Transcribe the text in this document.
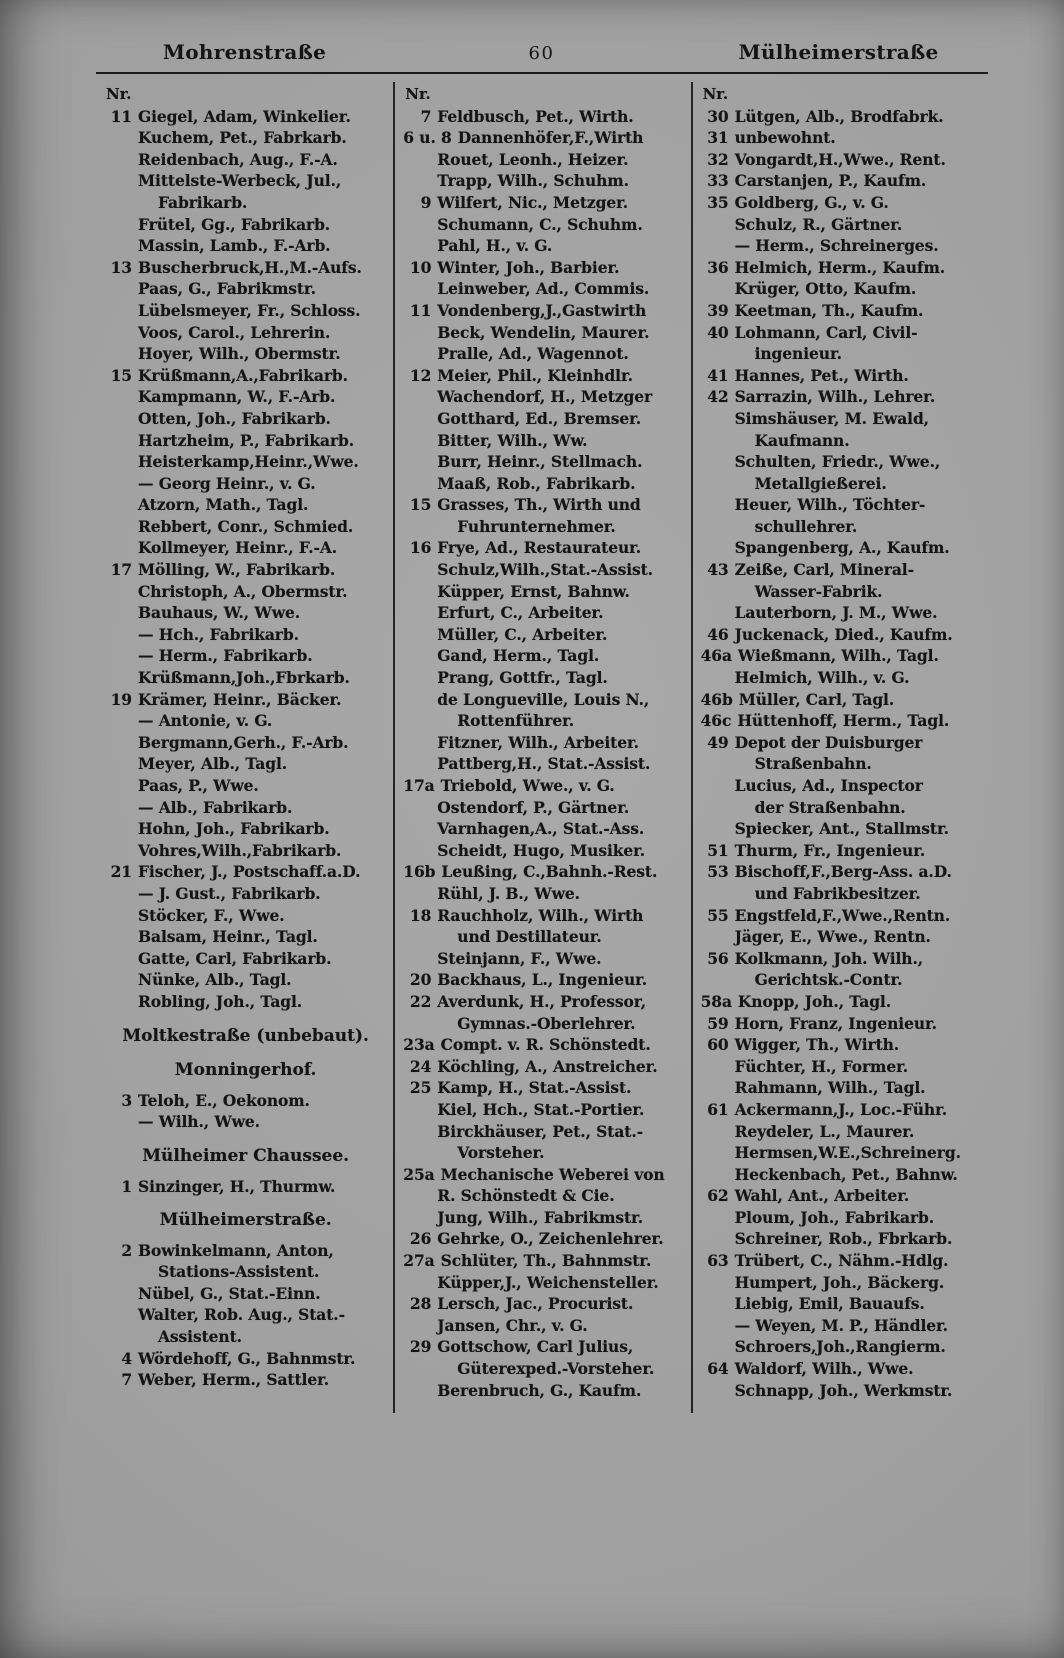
Mohrenstraße	60	Mülheimerstraße
Nr.
11 Giegel, Adam, Winkelier.
Kuchem, Pet., Fabrkarb.
Reidenbach, Aug., F.-A.
Mittelste-Werbeck, Jul.,
Fabrikarb.
Frütel, Gg., Fabrikarb.
Massin, Lamb., F.-Arb.
13 Buscherbruck,H.,M.-Aufs.
Paas, G., Fabrikmstr.
Lübelsmeyer, Fr., Schloss.
Voos, Carol., Lehrerin.
Hoyer, Wilh., Obermstr.
15 Krüßmann,A.,Fabrikarb.
Kampmann, W., F.-Arb.
Otten, Joh., Fabrikarb.
Hartzheim, P., Fabrikarb.
Heisterkamp,Heinr.,Wwe.
— Georg Heinr., v. G.
Atzorn, Math., Tagl.
Rebbert, Conr., Schmied.
Kollmeyer, Heinr., F.-A.
17 Mölling, W., Fabrikarb.
Christoph, A., Obermstr.
Bauhaus, W., Wwe.
— Hch., Fabrikarb.
— Herm., Fabrikarb.
Krüßmann,Joh.,Fbrkarb.
19 Krämer, Heinr., Bäcker.
— Antonie, v. G.
Bergmann,Gerh., F.-Arb.
Meyer, Alb., Tagl.
Paas, P., Wwe.
— Alb., Fabrikarb.
Hohn, Joh., Fabrikarb.
Vohres,Wilh.,Fabrikarb.
21 Fischer, J., Postschaff.a.D.
— J. Gust., Fabrikarb.
Stöcker, F., Wwe.
Balsam, Heinr., Tagl.
Gatte, Carl, Fabrikarb.
Nünke, Alb., Tagl.
Robling, Joh., Tagl.
Moltkestraße (unbebaut).
Monningerhof.
3 Teloh, E., Oekonom.
— Wilh., Wwe.
Mülheimer Chaussee.
1 Sinzinger, H., Thurmw.
Mülheimerstraße.
2 Bowinkelmann, Anton,
Stations-Assistent.
Nübel, G., Stat.-Einn.
Walter, Rob. Aug., Stat.-
Assistent.
4 Wördehoff, G., Bahnmstr.
7 Weber, Herm., Sattler.
Nr.
7 Feldbusch, Pet., Wirth.
6 u. 8 Dannenhöfer,F.,Wirth
Rouet, Leonh., Heizer.
Trapp, Wilh., Schuhm.
9 Wilfert, Nic., Metzger.
Schumann, C., Schuhm.
Pahl, H., v. G.
10 Winter, Joh., Barbier.
Leinweber, Ad., Commis.
11 Vondenberg,J.,Gastwirth
Beck, Wendelin, Maurer.
Pralle, Ad., Wagennot.
12 Meier, Phil., Kleinhdlr.
Wachendorf, H., Metzger
Gotthard, Ed., Bremser.
Bitter, Wilh., Ww.
Burr, Heinr., Stellmach.
Maaß, Rob., Fabrikarb.
15 Grasses, Th., Wirth und
Fuhrunternehmer.
16 Frye, Ad., Restaurateur.
Schulz,Wilh.,Stat.-Assist.
Küpper, Ernst, Bahnw.
Erfurt, C., Arbeiter.
Müller, C., Arbeiter.
Gand, Herm., Tagl.
Prang, Gottfr., Tagl.
de Longueville, Louis N.,
Rottenführer.
Fitzner, Wilh., Arbeiter.
Pattberg,H., Stat.-Assist.
17a Triebold, Wwe., v. G.
Ostendorf, P., Gärtner.
Varnhagen,A., Stat.-Ass.
Scheidt, Hugo, Musiker.
16b Leußing, C.,Bahnh.-Rest.
Rühl, J. B., Wwe.
18 Rauchholz, Wilh., Wirth
und Destillateur.
Steinjann, F., Wwe.
20 Backhaus, L., Ingenieur.
22 Averdunk, H., Professor,
Gymnas.-Oberlehrer.
23a Compt. v. R. Schönstedt.
24 Köchling, A., Anstreicher.
25 Kamp, H., Stat.-Assist.
Kiel, Hch., Stat.-Portier.
Birckhäuser, Pet., Stat.-
Vorsteher.
25a Mechanische Weberei von
R. Schönstedt & Cie.
Jung, Wilh., Fabrikmstr.
26 Gehrke, O., Zeichenlehrer.
27a Schlüter, Th., Bahnmstr.
Küpper,J., Weichensteller.
28 Lersch, Jac., Procurist.
Jansen, Chr., v. G.
29 Gottschow, Carl Julius,
Güterexped.-Vorsteher.
Berenbruch, G., Kaufm.
Nr.
30 Lütgen, Alb., Brodfabrk.
31 unbewohnt.
32 Vongardt,H.,Wwe., Rent.
33 Carstanjen, P., Kaufm.
35 Goldberg, G., v. G.
Schulz, R., Gärtner.
— Herm., Schreinerges.
36 Helmich, Herm., Kaufm.
Krüger, Otto, Kaufm.
39 Keetman, Th., Kaufm.
40 Lohmann, Carl, Civil-
ingenieur.
41 Hannes, Pet., Wirth.
42 Sarrazin, Wilh., Lehrer.
Simshäuser, M. Ewald,
Kaufmann.
Schulten, Friedr., Wwe.,
Metallgießerei.
Heuer, Wilh., Töchter-
schullehrer.
Spangenberg, A., Kaufm.
43 Zeiße, Carl, Mineral-
Wasser-Fabrik.
Lauterborn, J. M., Wwe.
46 Juckenack, Died., Kaufm.
46a Wießmann, Wilh., Tagl.
Helmich, Wilh., v. G.
46b Müller, Carl, Tagl.
46c Hüttenhoff, Herm., Tagl.
49 Depot der Duisburger
Straßenbahn.
Lucius, Ad., Inspector
der Straßenbahn.
Spiecker, Ant., Stallmstr.
51 Thurm, Fr., Ingenieur.
53 Bischoff,F.,Berg-Ass. a.D.
und Fabrikbesitzer.
55 Engstfeld,F.,Wwe.,Rentn.
Jäger, E., Wwe., Rentn.
56 Kolkmann, Joh. Wilh.,
Gerichtsk.-Contr.
58a Knopp, Joh., Tagl.
59 Horn, Franz, Ingenieur.
60 Wigger, Th., Wirth.
Füchter, H., Former.
Rahmann, Wilh., Tagl.
61 Ackermann,J., Loc.-Führ.
Reydeler, L., Maurer.
Hermsen,W.E.,Schreinerg.
Heckenbach, Pet., Bahnw.
62 Wahl, Ant., Arbeiter.
Ploum, Joh., Fabrikarb.
Schreiner, Rob., Fbrkarb.
63 Trübert, C., Nähm.-Hdlg.
Humpert, Joh., Bäckerg.
Liebig, Emil, Bauaufs.
— Weyen, M. P., Händler.
Schroers,Joh.,Rangierm.
64 Waldorf, Wilh., Wwe.
Schnapp, Joh., Werkmstr.
